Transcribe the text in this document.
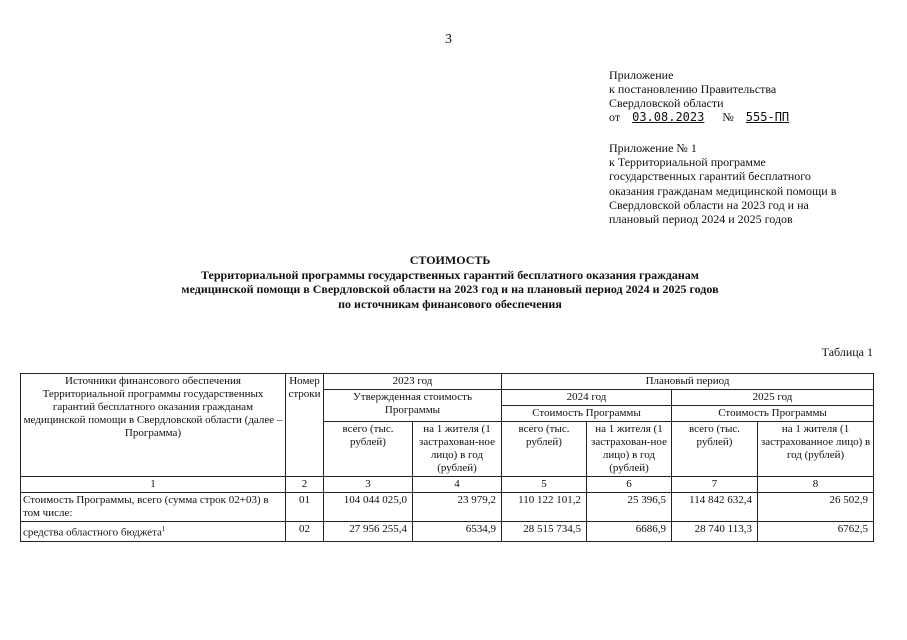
3
Приложение
к постановлению Правительства
Свердловской области
от 03.08.2023 № 555-ПП
Приложение № 1
к Территориальной программе
государственных гарантий бесплатного
оказания гражданам медицинской помощи в
Свердловской области на 2023 год и на
плановый период 2024 и 2025 годов
СТОИМОСТЬ
Территориальной программы государственных гарантий бесплатного оказания гражданам
медицинской помощи в Свердловской области на 2023 год и на плановый период 2024 и 2025 годов
по источникам финансового обеспечения
Таблица 1
Источники финансового обеспечения Территориальной программы государственных гарантий бесплатного оказания гражданам медицинской помощи в Свердловской области (далее – Программа)	Номер строки	2023 год		Плановый период			
		Утвержденная стоимость Программы		2024 год		2025 год	
				Стоимость Программы		Стоимость Программы	
		всего (тыс. рублей)	на 1 жителя (1 застрахован-ное лицо) в год (рублей)	всего (тыс. рублей)	на 1 жителя (1 застрахован-ное лицо) в год (рублей)	всего (тыс. рублей)	на 1 жителя (1 застрахованное лицо) в год (рублей)
1	2	3	4	5	6	7	8
Стоимость Программы, всего (сумма строк 02+03) в том числе:	01	104 044 025,0	23 979,2	110 122 101,2	25 396,5	114 842 632,4	26 502,9
средства областного бюджета$^1$	02	27 956 255,4	6534,9	28 515 734,5	6686,9	28 740 113,3	6762,5
